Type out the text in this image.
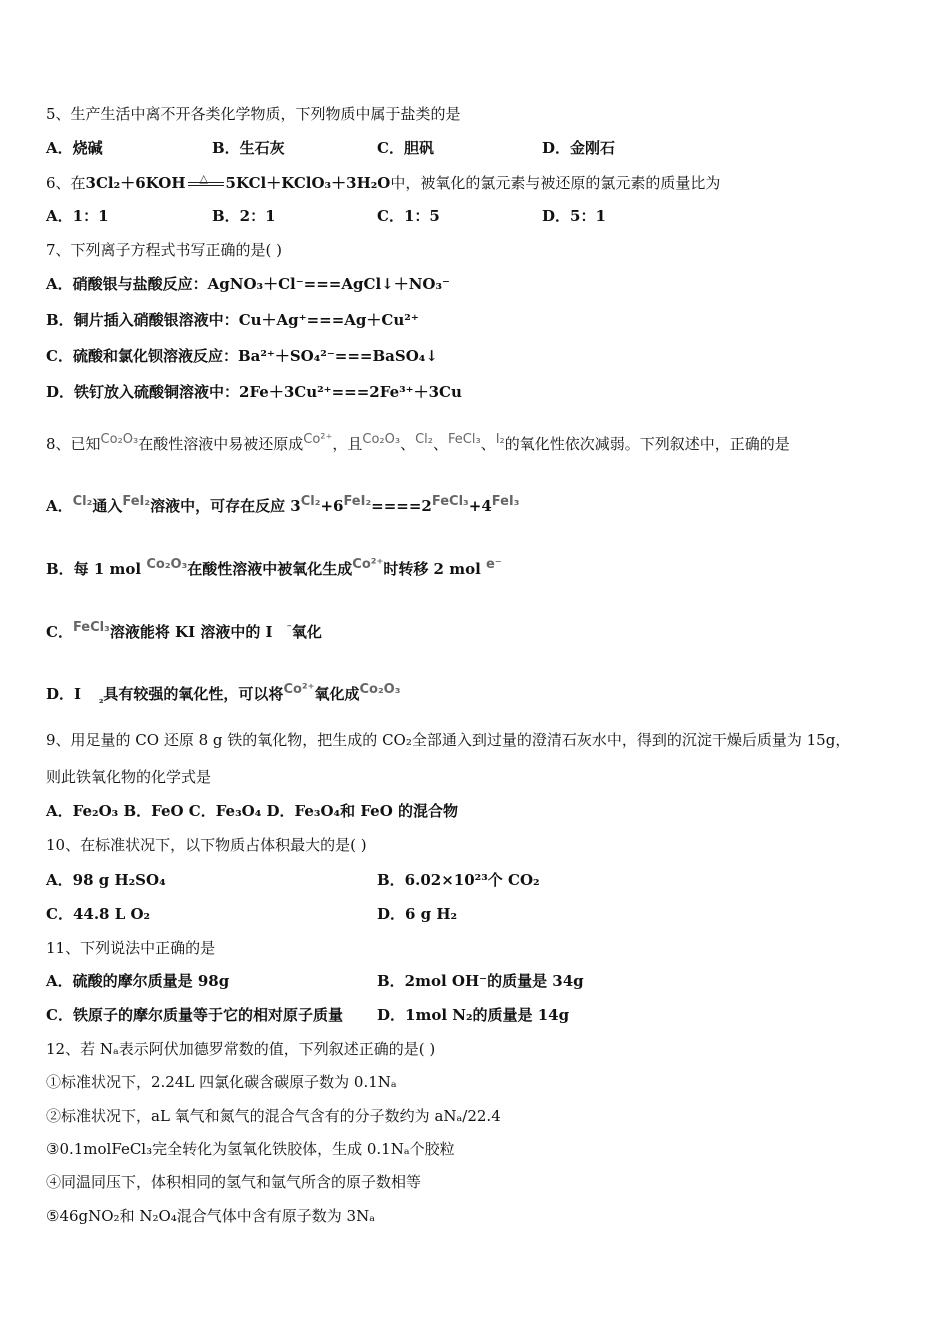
5、生产生活中离不开各类化学物质，下列物质中属于盐类的是
A．烧碱	B．生石灰	C．胆矾	D．金刚石
6、在3Cl₂＋6KOH △ 5KCl＋KClO₃＋3H₂O中，被氧化的氯元素与被还原的氯元素的质量比为
A．1：1	B．2：1	C．1：5	D．5：1
7、下列离子方程式书写正确的是( )
A．硝酸银与盐酸反应：AgNO₃＋Cl⁻===AgCl↓＋NO₃⁻
B．铜片插入硝酸银溶液中：Cu＋Ag⁺===Ag＋Cu²⁺
C．硫酸和氯化钡溶液反应：Ba²⁺＋SO₄²⁻===BaSO₄↓
D．铁钉放入硫酸铜溶液中：2Fe＋3Cu²⁺===2Fe³⁺＋3Cu
8、已知Co₂O₃在酸性溶液中易被还原成Co²⁺，且Co₂O₃、Cl₂、FeCl₃、I₂的氧化性依次减弱。下列叙述中，正确的是
A．Cl₂通入FeI₂溶液中，可存在反应 3Cl₂+6FeI₂====2FeCl₃+4FeI₃
B．每 1 mol Co₂O₃在酸性溶液中被氧化生成Co²⁺时转移 2 mol e⁻
C．FeCl₃溶液能将 KI 溶液中的 I ⁻氧化
D．I $_{_2}$具有较强的氧化性，可以将Co²⁺氧化成Co₂O₃
9、用足量的 CO 还原 8 g 铁的氧化物，把生成的 CO₂全部通入到过量的澄清石灰水中，得到的沉淀干燥后质量为 15g，
则此铁氧化物的化学式是
A．Fe₂O₃ B．FeO C．Fe₃O₄ D．Fe₃O₄和 FeO 的混合物
10、在标准状况下，以下物质占体积最大的是( )
A．98 g H₂SO₄	B．6.02×10²³个 CO₂
C．44.8 L O₂	D．6 g H₂
11、下列说法中正确的是
A．硫酸的摩尔质量是 98g	B．2mol OH⁻的质量是 34g
C．铁原子的摩尔质量等于它的相对原子质量 D．1mol N₂的质量是 14g
12、若 Nₐ表示阿伏加德罗常数的值，下列叙述正确的是( )
①标准状况下，2.24L 四氯化碳含碳原子数为 0.1Nₐ
②标准状况下，aL 氧气和氮气的混合气含有的分子数约为 aNₐ/22.4
③0.1molFeCl₃完全转化为氢氧化铁胶体，生成 0.1Nₐ个胶粒
④同温同压下，体积相同的氢气和氩气所含的原子数相等
⑤46gNO₂和 N₂O₄混合气体中含有原子数为 3Nₐ
